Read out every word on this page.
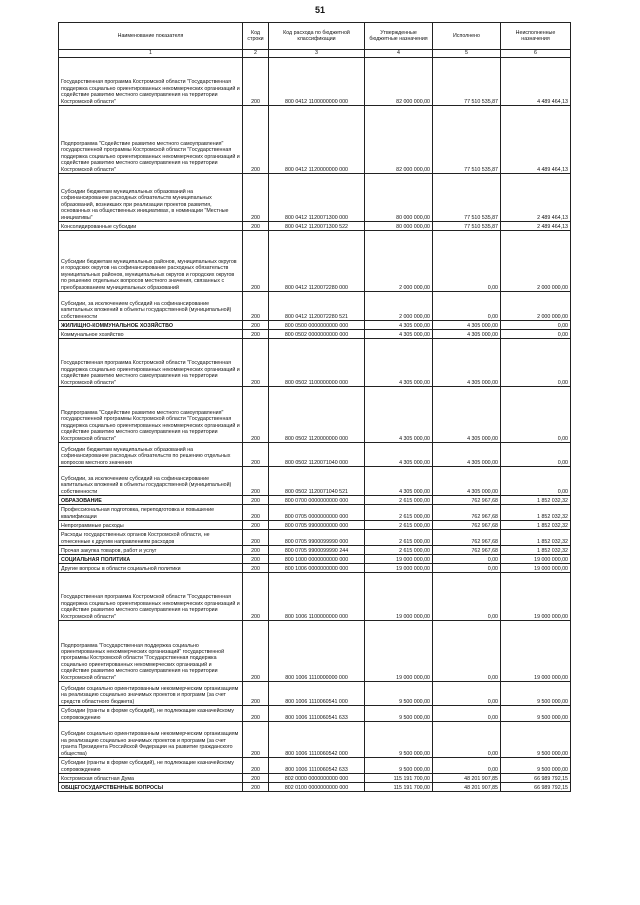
51
Наименование показателя	Код строки	Код расхода по бюджетной классификации	Утвержденные бюджетные назначения	Исполнено	Неисполненные назначения
1	2	3	4	5	6
Государственная программа Костромской области "Государственная поддержка социально ориентированных некоммерческих организаций и содействие развитию местного самоуправления на территории Костромской области"	200	800 0412 1100000000 000	82 000 000,00	77 510 535,87	4 489 464,13
Подпрограмма "Содействие развитию местного самоуправления" государственной программы Костромской области "Государственная поддержка социально ориентированных некоммерческих организаций и содействие развитию местного самоуправления на территории Костромской области"	200	800 0412 1120000000 000	82 000 000,00	77 510 535,87	4 489 464,13
Субсидии бюджетам муниципальных образований на софинансирование расходных обязательств муниципальных образований, возникших при реализации проектов развития, основанных на общественных инициативах, в номинации "Местные инициативы"	200	800 0412 1120071300 000	80 000 000,00	77 510 535,87	2 489 464,13
Консолидированные субсидии	200	800 0412 1120071300 522	80 000 000,00	77 510 535,87	2 489 464,13
Субсидии бюджетам муниципальных районов, муниципальных округов и городских округов на софинансирование расходных обязательств муниципальных районов, муниципальных округов и городских округов по решению отдельных вопросов местного значения, связанных с преобразованием муниципальных образований	200	800 0412 1120072280 000	2 000 000,00	0,00	2 000 000,00
Субсидии, за исключением субсидий на софинансирование капитальных вложений в объекты государственной (муниципальной) собственности	200	800 0412 1120072280 521	2 000 000,00	0,00	2 000 000,00
ЖИЛИЩНО-КОММУНАЛЬНОЕ ХОЗЯЙСТВО	200	800 0500 0000000000 000	4 305 000,00	4 305 000,00	0,00
Коммунальное хозяйство	200	800 0502 0000000000 000	4 305 000,00	4 305 000,00	0,00
Государственная программа Костромской области "Государственная поддержка социально ориентированных некоммерческих организаций и содействие развитию местного самоуправления на территории Костромской области"	200	800 0502 1100000000 000	4 305 000,00	4 305 000,00	0,00
Подпрограмма "Содействие развитию местного самоуправления" государственной программы Костромской области "Государственная поддержка социально ориентированных некоммерческих организаций и содействие развитию местного самоуправления на территории Костромской области"	200	800 0502 1120000000 000	4 305 000,00	4 305 000,00	0,00
Субсидии бюджетам муниципальных образований на софинансирование расходных обязательств по решению отдельных вопросов местного значения	200	800 0502 1120071040 000	4 305 000,00	4 305 000,00	0,00
Субсидии, за исключением субсидий на софинансирование капитальных вложений в объекты государственной (муниципальной) собственности	200	800 0502 1120071040 521	4 305 000,00	4 305 000,00	0,00
ОБРАЗОВАНИЕ	200	800 0700 0000000000 000	2 615 000,00	762 967,68	1 852 032,32
Профессиональная подготовка, переподготовка и повышение квалификации	200	800 0705 0000000000 000	2 615 000,00	762 967,68	1 852 032,32
Непрограммные расходы	200	800 0705 9900000000 000	2 615 000,00	762 967,68	1 852 032,32
Расходы государственных органов Костромской области, не отнесенные к другим направлениям расходов	200	800 0705 9900099990 000	2 615 000,00	762 967,68	1 852 032,32
Прочая закупка товаров, работ и услуг	200	800 0705 9900099990 244	2 615 000,00	762 967,68	1 852 032,32
СОЦИАЛЬНАЯ ПОЛИТИКА	200	800 1000 0000000000 000	19 000 000,00	0,00	19 000 000,00
Другие вопросы в области социальной политики	200	800 1006 0000000000 000	19 000 000,00	0,00	19 000 000,00
Государственная программа Костромской области "Государственная поддержка социально ориентированных некоммерческих организаций и содействие развитию местного самоуправления на территории Костромской области"	200	800 1006 1100000000 000	19 000 000,00	0,00	19 000 000,00
Подпрограмма "Государственная поддержка социально ориентированных некоммерческих организаций" государственной программы Костромской области "Государственная поддержка социально ориентированных некоммерческих организаций и содействие развитию местного самоуправления на территории Костромской области"	200	800 1006 1110000000 000	19 000 000,00	0,00	19 000 000,00
Субсидии социально ориентированным некоммерческим организациям на реализацию социально значимых проектов и программ (за счет средств областного бюджета)	200	800 1006 1110060541 000	9 500 000,00	0,00	9 500 000,00
Субсидии (гранты в форме субсидий), не подлежащие казначейскому сопровождению	200	800 1006 1110060541 633	9 500 000,00	0,00	9 500 000,00
Субсидии социально ориентированным некоммерческим организациям на реализацию социально значимых проектов и программ (за счет гранта Президента Российской Федерации на развитие гражданского общества)	200	800 1006 1110060542 000	9 500 000,00	0,00	9 500 000,00
Субсидии (гранты в форме субсидий), не подлежащие казначейскому сопровождению	200	800 1006 1110060542 633	9 500 000,00	0,00	9 500 000,00
Костромская областная Дума	200	802 0000 0000000000 000	115 191 700,00	48 201 907,85	66 989 792,15
ОБЩЕГОСУДАРСТВЕННЫЕ ВОПРОСЫ	200	802 0100 0000000000 000	115 191 700,00	48 201 907,85	66 989 792,15
